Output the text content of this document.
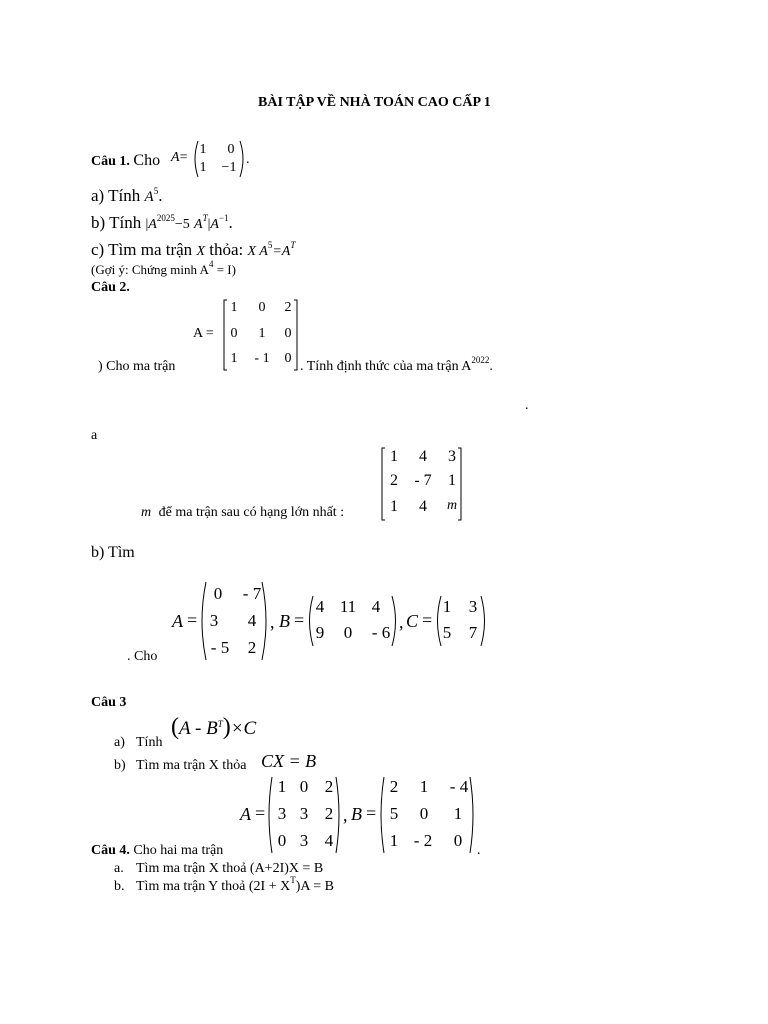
BÀI TẬP VỀ NHÀ TOÁN CAO CẤP 1
Câu 1. Cho A=
1 0
1 −1
.
a) Tính $A^5$.
b) Tính $|A^{2025}-5$ $A^T|A^{-1}$.
c) Tìm ma trận X thỏa: X $A^5=A^T$
(Gợi ý: Chứng minh $A^4 = I$)
Câu 2.
A =
1 0 2
0 1 0
1	- 1	0
) Cho ma trận	. Tính định thức của ma trận $A^{2022}$.
.
a
1 4 3
2 - 7 1
1 4 m
m để ma trận sau có hạng lớn nhất :
b) Tìm
. Cho
A =
0 - 7
3 4
- 5 2
, B =
4 11 4
9 0 - 6
, C =
1 3
5 7
Câu 3
a) Tính
$(A - B^T)\times C$
b) Tìm ma trận X thỏa CX = B
A =
1 0 2
3 3 2
0 3 4
, B =
2 1 - 4
5 0 1
1 - 2 0
.
Câu 4. Cho hai ma trận
a. Tìm ma trận X thoả (A+2I)X = B
b. Tìm ma trận Y thoả $(2I + X^T)A = B$
